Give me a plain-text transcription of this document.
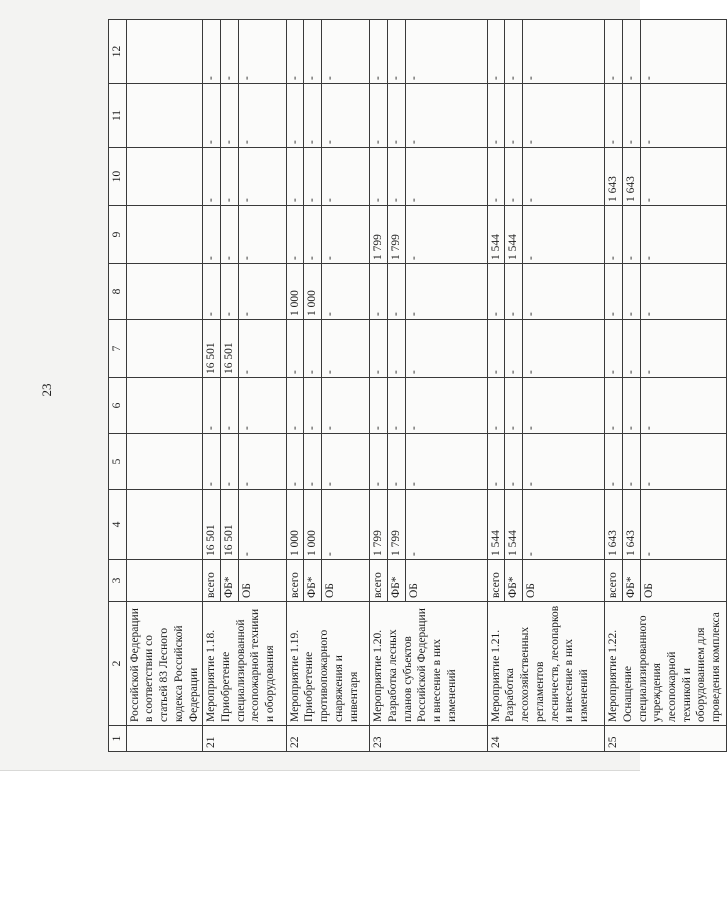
23
1	2	3	4	5	6	7	8	9	10	11	12
	Российской Федерации в соответствии со статьей 83 Лесного кодекса Российской Федерации										
21	Мероприятие 1.18. Приобретение специализированной лесопожарной техники и оборудования	всего	16 501	-	-	16 501	-	-	-	-	-
		ФБ*	16 501	-	-	16 501	-	-	-	-	-
		ОБ	-	-	-	-	-	-	-	-	-
22	Мероприятие 1.19. Приобретение противопожарного снаряжения и инвентаря	всего	1 000	-	-	-	1 000	-	-	-	-
		ФБ*	1 000	-	-	-	1 000	-	-	-	-
		ОБ	-	-	-	-	-	-	-	-	-
23	Мероприятие 1.20. Разработка лесных планов субъектов Российской Федерации и внесение в них изменений	всего	1 799	-	-	-	-	1 799	-	-	-
		ФБ*	1 799	-	-	-	-	1 799	-	-	-
		ОБ	-	-	-	-	-	-	-	-	-
24	Мероприятие 1.21. Разработка лесохозяйственных регламентов лесничеств, лесопарков и внесение в них изменений	всего	1 544	-	-	-	-	1 544	-	-	-
		ФБ*	1 544	-	-	-	-	1 544	-	-	-
		ОБ	-	-	-	-	-	-	-	-	-
25	Мероприятие 1.22. Оснащение специализированного учреждения лесопожарной техникой и оборудованием для проведения комплекса	всего	1 643	-	-	-	-	-	1 643	-	-
		ФБ*	1 643	-	-	-	-	-	1 643	-	-
		ОБ	-	-	-	-	-	-	-	-	-
